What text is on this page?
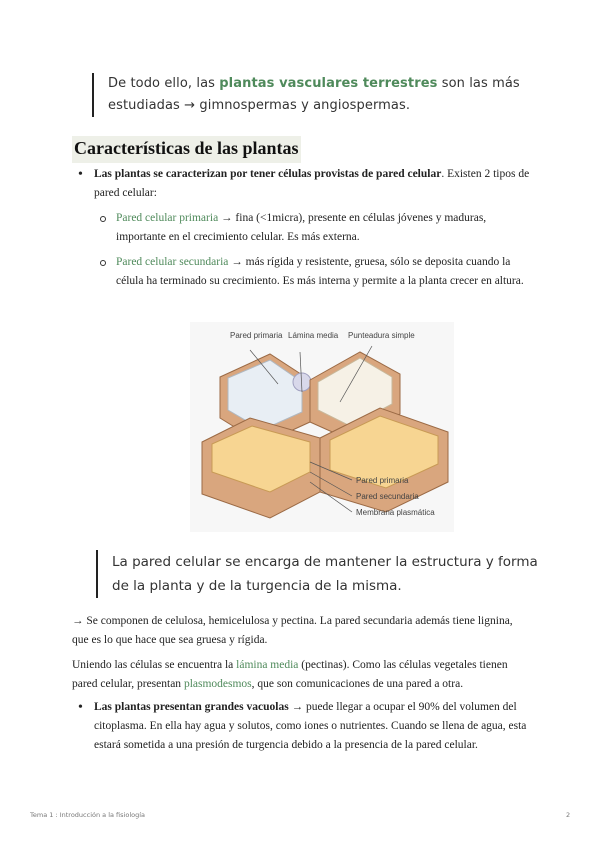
De todo ello, las plantas vasculares terrestres son las más estudiadas → gimnospermas y angiospermas.
Características de las plantas
• Las plantas se caracterizan por tener células provistas de pared celular. Existen 2 tipos de pared celular:
Pared celular primaria → fina (<1micra), presente en células jóvenes y maduras, importante en el crecimiento celular. Es más externa.
Pared celular secundaria → más rígida y resistente, gruesa, sólo se deposita cuando la célula ha terminado su crecimiento. Es más interna y permite a la planta crecer en altura.
Pared primaria Lámina media Punteadura simple
Pared primaria
Pared secundaria
Membrana plasmática
La pared celular se encarga de mantener la estructura y forma de la planta y de la turgencia de la misma.
→ Se componen de celulosa, hemicelulosa y pectina. La pared secundaria además tiene lignina, que es lo que hace que sea gruesa y rígida.
Uniendo las células se encuentra la lámina media (pectinas). Como las células vegetales tienen pared celular, presentan plasmodesmos, que son comunicaciones de una pared a otra.
• Las plantas presentan grandes vacuolas → puede llegar a ocupar el 90% del volumen del citoplasma. En ella hay agua y solutos, como iones o nutrientes. Cuando se llena de agua, esta estará sometida a una presión de turgencia debido a la presencia de la pared celular.
Tema 1 : Introducción a la fisiología	2
